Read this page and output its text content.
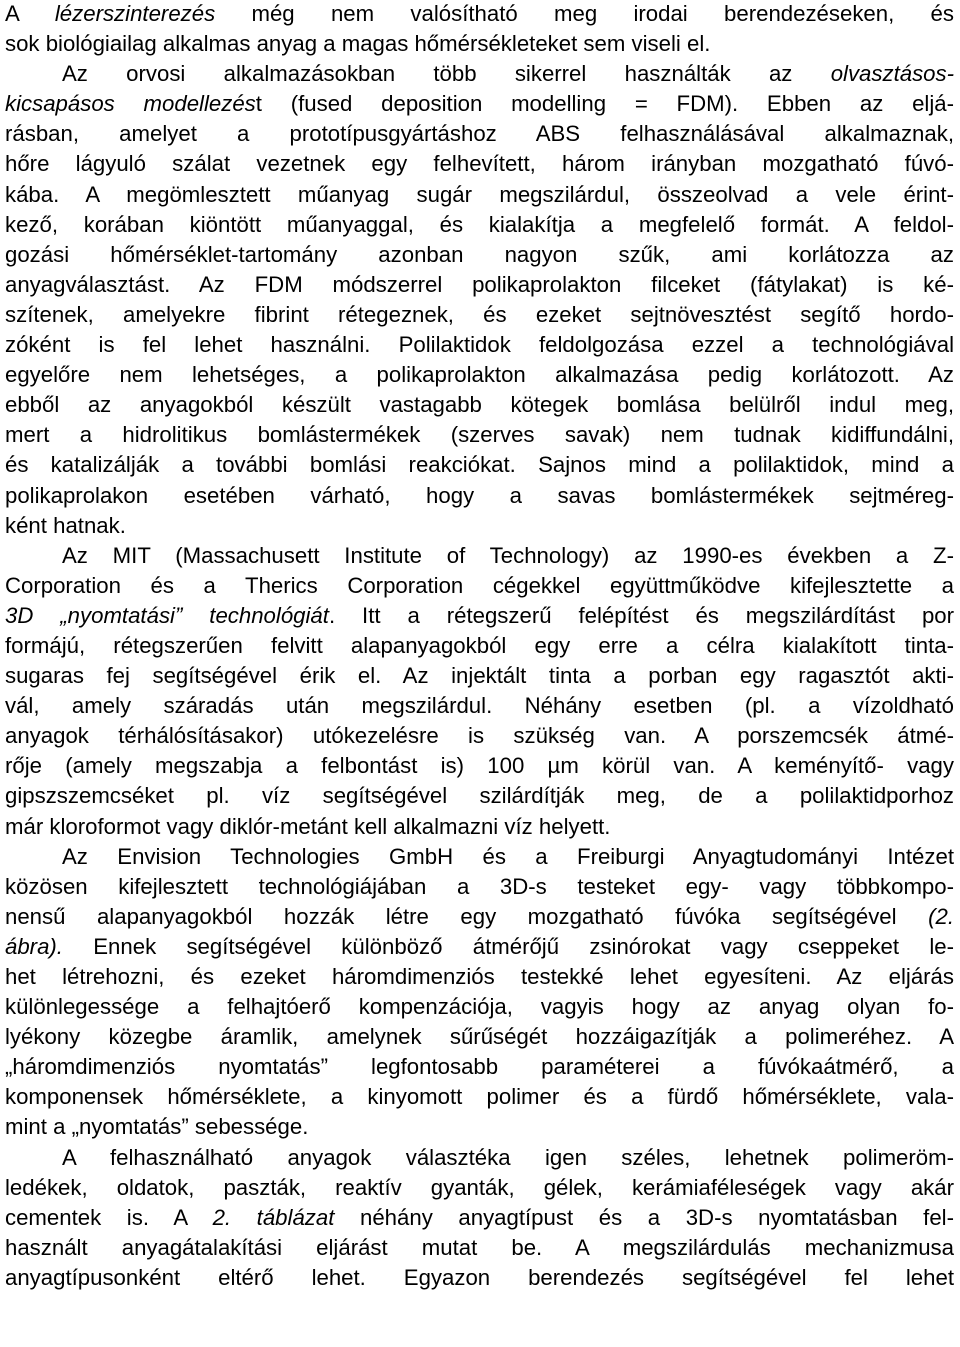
A lézerszinterezés még nem valósítható meg irodai berendezéseken, és
sok biológiailag alkalmas anyag a magas hőmérsékleteket sem viseli el.
Az orvosi alkalmazásokban több sikerrel használták az olvasztásos-
kicsapásos modellezést (fused deposition modelling = FDM). Ebben az eljá-
rásban, amelyet a prototípusgyártáshoz ABS felhasználásával alkalmaznak,
hőre lágyuló szálat vezetnek egy felhevített, három irányban mozgatható fúvó-
kába. A megömlesztett műanyag sugár megszilárdul, összeolvad a vele érint-
kező, korában kiöntött műanyaggal, és kialakítja a megfelelő formát. A feldol-
gozási hőmérséklet-tartomány azonban nagyon szűk, ami korlátozza az
anyagválasztást. Az FDM módszerrel polikaprolakton filceket (fátylakat) is ké-
szítenek, amelyekre fibrint rétegeznek, és ezeket sejtnövesztést segítő hordo-
zóként is fel lehet használni. Polilaktidok feldolgozása ezzel a technológiával
egyelőre nem lehetséges, a polikaprolakton alkalmazása pedig korlátozott. Az
ebből az anyagokból készült vastagabb kötegek bomlása belülről indul meg,
mert a hidrolitikus bomlástermékek (szerves savak) nem tudnak kidiffundálni,
és katalizálják a további bomlási reakciókat. Sajnos mind a polilaktidok, mind a
polikaprolakon esetében várható, hogy a savas bomlástermékek sejtméreg-
ként hatnak.
Az MIT (Massachusett Institute of Technology) az 1990-es években a Z-
Corporation és a Therics Corporation cégekkel együttműködve kifejlesztette a
3D „nyomtatási” technológiát. Itt a rétegszerű felépítést és megszilárdítást por
formájú, rétegszerűen felvitt alapanyagokból egy erre a célra kialakított tinta-
sugaras fej segítségével érik el. Az injektált tinta a porban egy ragasztót akti-
vál, amely száradás után megszilárdul. Néhány esetben (pl. a vízoldható
anyagok térhálósításakor) utókezelésre is szükség van. A porszemcsék átmé-
rője (amely megszabja a felbontást is) 100 µm körül van. A keményítő- vagy
gipszszemcséket pl. víz segítségével szilárdítják meg, de a polilaktidporhoz
már kloroformot vagy diklór-metánt kell alkalmazni víz helyett.
Az Envision Technologies GmbH és a Freiburgi Anyagtudományi Intézet
közösen kifejlesztett technológiájában a 3D-s testeket egy- vagy többkompo-
nensű alapanyagokból hozzák létre egy mozgatható fúvóka segítségével (2.
ábra). Ennek segítségével különböző átmérőjű zsinórokat vagy cseppeket le-
het létrehozni, és ezeket háromdimenziós testekké lehet egyesíteni. Az eljárás
különlegessége a felhajtóerő kompenzációja, vagyis hogy az anyag olyan fo-
lyékony közegbe áramlik, amelynek sűrűségét hozzáigazítják a polimeréhez. A
„háromdimenziós nyomtatás” legfontosabb paraméterei a fúvókaátmérő, a
komponensek hőmérséklete, a kinyomott polimer és a fürdő hőmérséklete, vala-
mint a „nyomtatás” sebessége.
A felhasználható anyagok választéka igen széles, lehetnek polimeröm-
ledékek, oldatok, paszták, reaktív gyanták, gélek, kerámiaféleségek vagy akár
cementek is. A 2. táblázat néhány anyagtípust és a 3D-s nyomtatásban fel-
használt anyagátalakítási eljárást mutat be. A megszilárdulás mechanizmusa
anyagtípusonként eltérő lehet. Egyazon berendezés segítségével fel lehet
